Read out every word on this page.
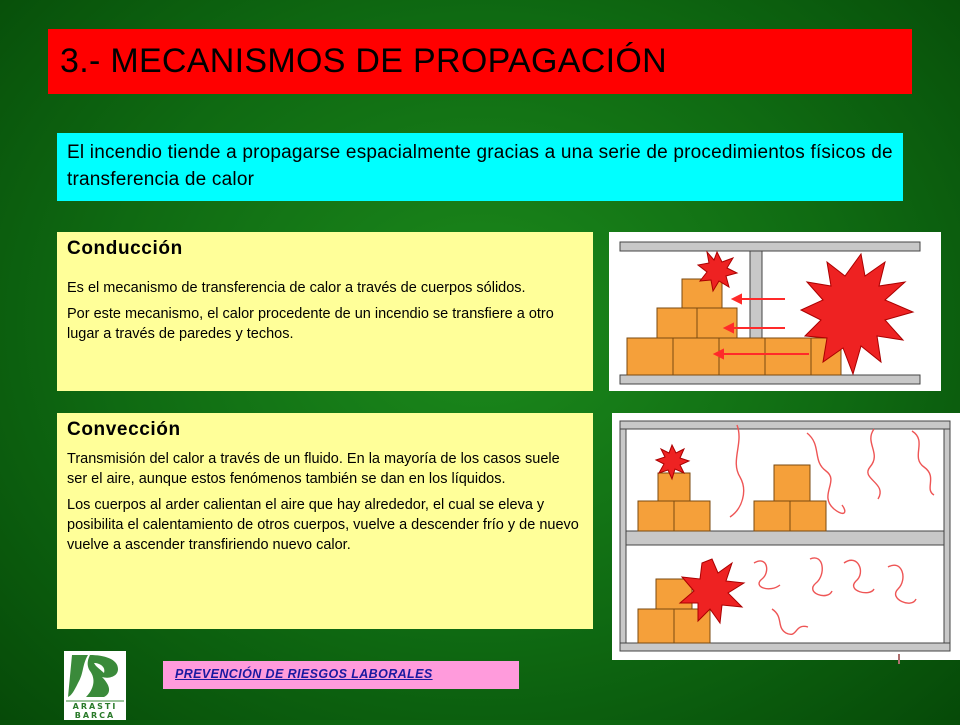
3.- MECANISMOS DE PROPAGACIÓN
El incendio tiende a propagarse espacialmente gracias a una serie de procedimientos físicos de transferencia de calor
Conducción

Es el mecanismo de transferencia de calor a través de cuerpos sólidos.

Por este mecanismo, el calor procedente de un incendio se transfiere a otro lugar a través de paredes y techos.

Convección

Transmisión del calor a través de un fluido. En la mayoría de los casos suele ser el aire, aunque estos fenómenos también se dan en los líquidos.

Los cuerpos al arder calientan el aire que hay alrededor, el cual se eleva y posibilita el calentamiento de otros cuerpos, vuelve a descender frío y de nuevo vuelve a ascender transfiriendo nuevo calor.

ARASTI
BARCA
PREVENCIÓN DE RIESGOS LABORALES
